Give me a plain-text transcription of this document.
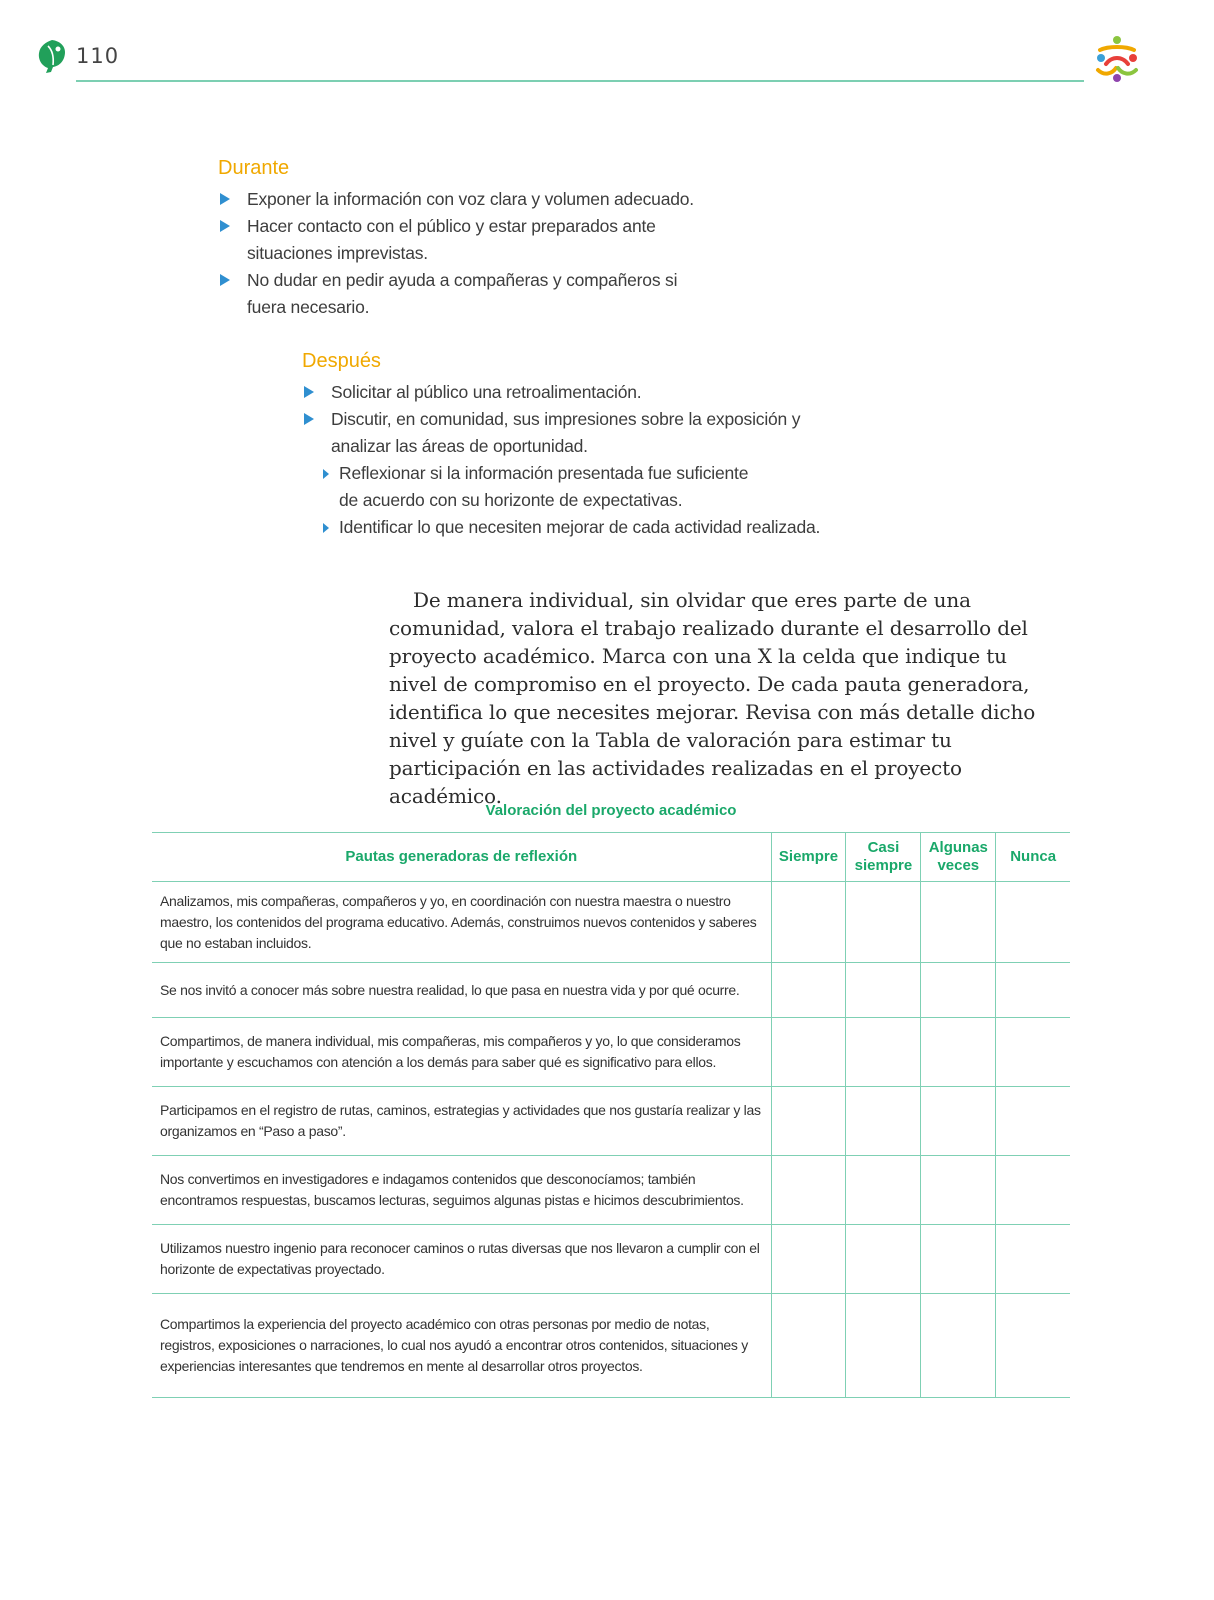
110
Durante
Exponer la información con voz clara y volumen adecuado.
Hacer contacto con el público y estar preparados ante situaciones imprevistas.
No dudar en pedir ayuda a compañeras y compañeros si fuera necesario.
Después
Solicitar al público una retroalimentación.
Discutir, en comunidad, sus impresiones sobre la exposición y analizar las áreas de oportunidad.
Reflexionar si la información presentada fue suficiente de acuerdo con su horizonte de expectativas.
Identificar lo que necesiten mejorar de cada actividad realizada.

De manera individual, sin olvidar que eres parte de una comunidad, valora el trabajo realizado durante el desarrollo del proyecto académico. Marca con una X la celda que indique tu nivel de compromiso en el proyecto. De cada pauta generadora, identifica lo que necesites mejorar. Revisa con más detalle dicho nivel y guíate con la Tabla de valoración para estimar tu participación en las actividades realizadas en el proyecto académico.

Valoración del proyecto académico
Pautas generadoras de reflexión	Siempre	Casi siempre	Algunas veces	Nunca
Analizamos, mis compañeras, compañeros y yo, en coordinación con nuestra maestra o nuestro maestro, los contenidos del programa educativo. Además, construimos nuevos contenidos y saberes que no estaban incluidos.				
Se nos invitó a conocer más sobre nuestra realidad, lo que pasa en nuestra vida y por qué ocurre.				
Compartimos, de manera individual, mis compañeras, mis compañeros y yo, lo que consideramos importante y escuchamos con atención a los demás para saber qué es significativo para ellos.				
Participamos en el registro de rutas, caminos, estrategias y actividades que nos gustaría realizar y las organizamos en “Paso a paso”.				
Nos convertimos en investigadores e indagamos contenidos que desconocíamos; también encontramos respuestas, buscamos lecturas, seguimos algunas pistas e hicimos descubrimientos.				
Utilizamos nuestro ingenio para reconocer caminos o rutas diversas que nos llevaron a cumplir con el horizonte de expectativas proyectado.				
Compartimos la experiencia del proyecto académico con otras personas por medio de notas, registros, exposiciones o narraciones, lo cual nos ayudó a encontrar otros contenidos, situaciones y experiencias interesantes que tendremos en mente al desarrollar otros proyectos.				
